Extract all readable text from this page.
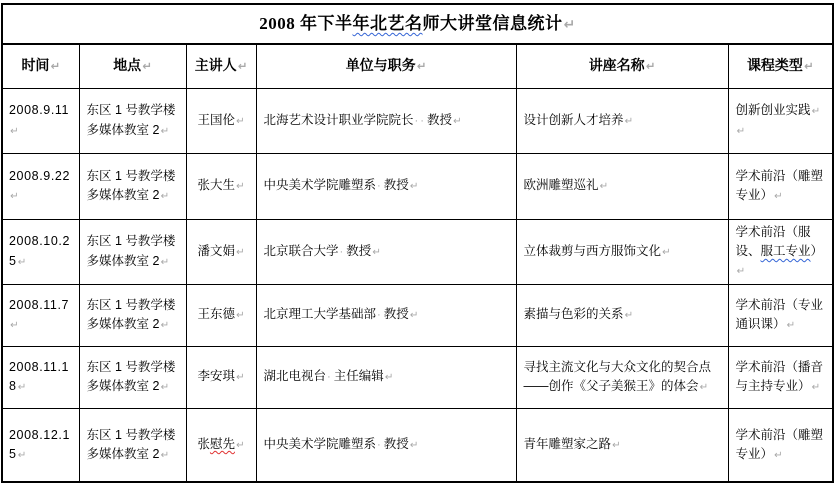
2008 年下半年北艺名师大讲堂信息统计↵					
时间↵	地点↵	主讲人↵	单位与职务↵	讲座名称↵	课程类型↵
2008.9.11↵	东区 1 号教学楼多媒体教室 2↵	王国伦↵	北海艺术设计职业学院院长··教授↵	设计创新人才培养↵	创新创业实践↵
↵
2008.9.22↵	东区 1 号教学楼多媒体教室 2↵	张大生↵	中央美术学院雕塑系·教授↵	欧洲雕塑巡礼↵	学术前沿（雕塑专业）↵
2008.10.25↵	东区 1 号教学楼多媒体教室 2↵	潘文娟↵	北京联合大学·教授↵	立体裁剪与西方服饰文化↵	学术前沿（服设、服工专业）↵
2008.11.7↵	东区 1 号教学楼多媒体教室 2↵	王东德↵	北京理工大学基础部·教授↵	素描与色彩的关系↵	学术前沿（专业通识课）↵
2008.11.18↵	东区 1 号教学楼多媒体教室 2↵	李安琪↵	湖北电视台·主任编辑↵	寻找主流文化与大众文化的契合点——创作《父子美猴王》的体会↵	学术前沿（播音与主持专业）↵
2008.12.15↵	东区 1 号教学楼多媒体教室 2↵	张慰先↵	中央美术学院雕塑系·教授↵	青年雕塑家之路↵	学术前沿（雕塑专业）↵
